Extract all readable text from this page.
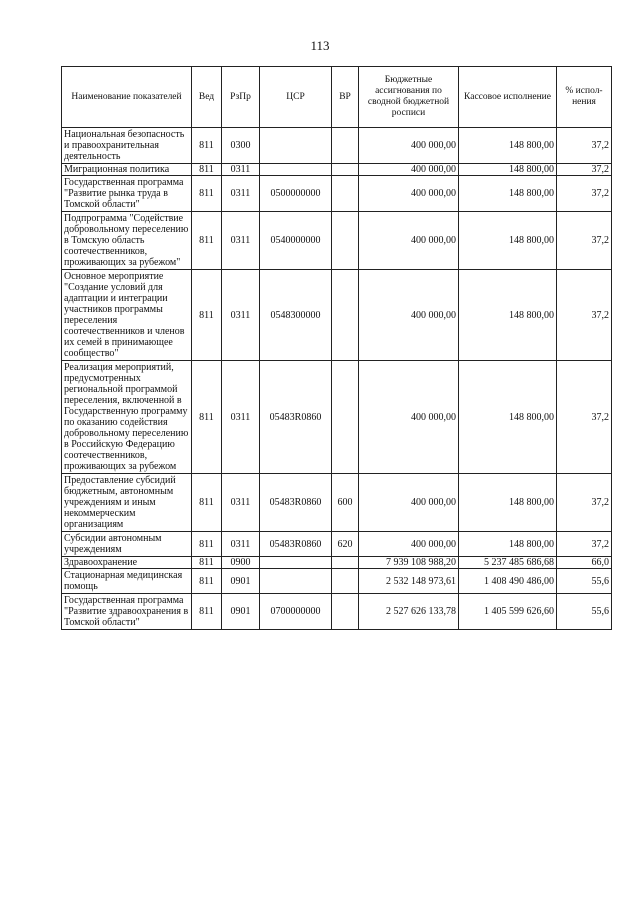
113
Наименование показателей	Вед	РзПр	ЦСР	ВР	Бюджетные ассигнования по сводной бюджетной росписи	Кассовое исполнение	% испол-нения
Национальная безопасность и правоохранительная деятельность	811	0300			400 000,00	148 800,00	37,2
Миграционная политика	811	0311			400 000,00	148 800,00	37,2
Государственная программа "Развитие рынка труда в Томской области"	811	0311	0500000000		400 000,00	148 800,00	37,2
Подпрограмма "Содействие добровольному переселению в Томскую область соотечественников, проживающих за рубежом"	811	0311	0540000000		400 000,00	148 800,00	37,2
Основное мероприятие "Создание условий для адаптации и интеграции участников программы переселения соотечественников и членов их семей в принимающее сообщество"	811	0311	0548300000		400 000,00	148 800,00	37,2
Реализация мероприятий, предусмотренных региональной программой переселения, включенной в Государственную программу по оказанию содействия добровольному переселению в Российскую Федерацию соотечественников, проживающих за рубежом	811	0311	05483R0860		400 000,00	148 800,00	37,2
Предоставление субсидий бюджетным, автономным учреждениям и иным некоммерческим организациям	811	0311	05483R0860	600	400 000,00	148 800,00	37,2
Субсидии автономным учреждениям	811	0311	05483R0860	620	400 000,00	148 800,00	37,2
Здравоохранение	811	0900			7 939 108 988,20	5 237 485 686,68	66,0
Стационарная медицинская помощь	811	0901			2 532 148 973,61	1 408 490 486,00	55,6
Государственная программа "Развитие здравоохранения в Томской области"	811	0901	0700000000		2 527 626 133,78	1 405 599 626,60	55,6
